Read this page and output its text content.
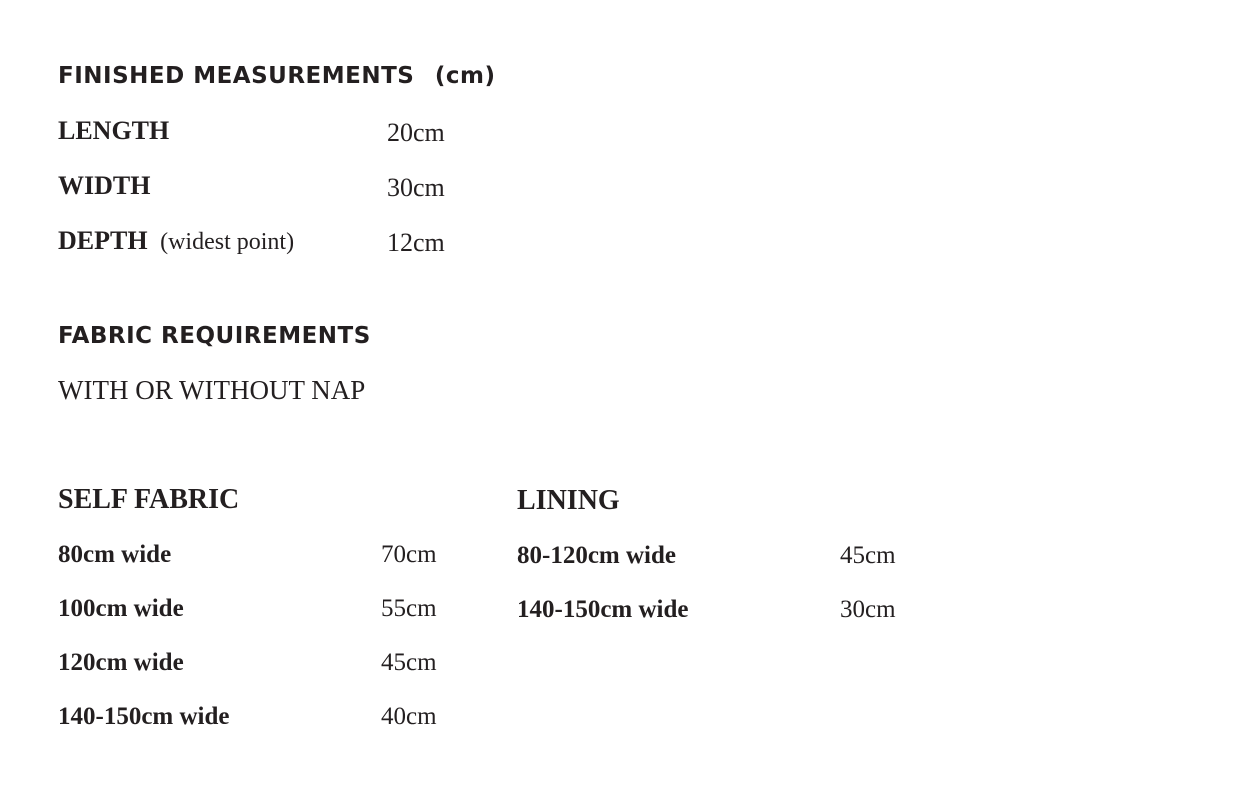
FINISHED MEASUREMENTS (cm)
LENGTH	20cm
WIDTH	30cm
DEPTH (widest point)	12cm
FABRIC REQUIREMENTS
WITH OR WITHOUT NAP
SELF FABRIC
80cm wide	70cm
100cm wide	55cm
120cm wide	45cm
140-150cm wide	40cm
LINING
80-120cm wide	45cm
140-150cm wide	30cm
